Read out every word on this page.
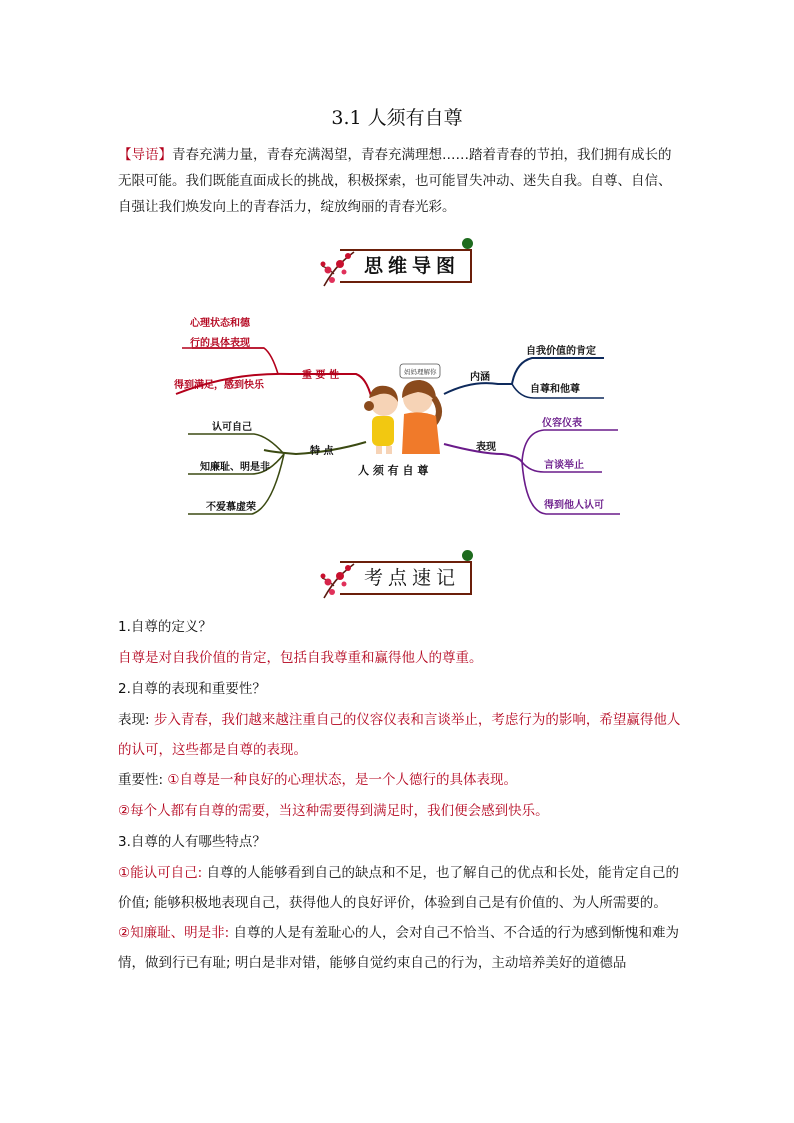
3.1 人须有自尊
【导语】青春充满力量，青春充满渴望，青春充满理想……踏着青春的节拍，我们拥有成长的无限可能。我们既能直面成长的挑战，积极探索，也可能冒失冲动、迷失自我。自尊、自信、自强让我们焕发向上的青春活力，绽放绚丽的青春光彩。
思维导图
心理状态和德
行的具体表现
得到满足，感到快乐
重 要 性
认可自己
知廉耻、明是非
不爱慕虚荣
特 点
内涵
自我价值的肯定
自尊和他尊
表现
仪容仪表
言谈举止
得到他人认可
妈妈理解你
人 须 有 自 尊
考点速记

1.自尊的定义？

自尊是对自我价值的肯定，包括自我尊重和赢得他人的尊重。

2.自尊的表现和重要性？

表现: 步入青春，我们越来越注重自己的仪容仪表和言谈举止，考虑行为的影响，希望赢得他人的认可，这些都是自尊的表现。

重要性: ①自尊是一种良好的心理状态，是一个人德行的具体表现。

②每个人都有自尊的需要，当这种需要得到满足时，我们便会感到快乐。

3.自尊的人有哪些特点？

①能认可自己: 自尊的人能够看到自己的缺点和不足，也了解自己的优点和长处，能肯定自己的价值; 能够积极地表现自己，获得他人的良好评价，体验到自己是有价值的、为人所需要的。

②知廉耻、明是非: 自尊的人是有羞耻心的人，会对自己不恰当、不合适的行为感到惭愧和难为情，做到行已有耻; 明白是非对错，能够自觉约束自己的行为，主动培养美好的道德品
